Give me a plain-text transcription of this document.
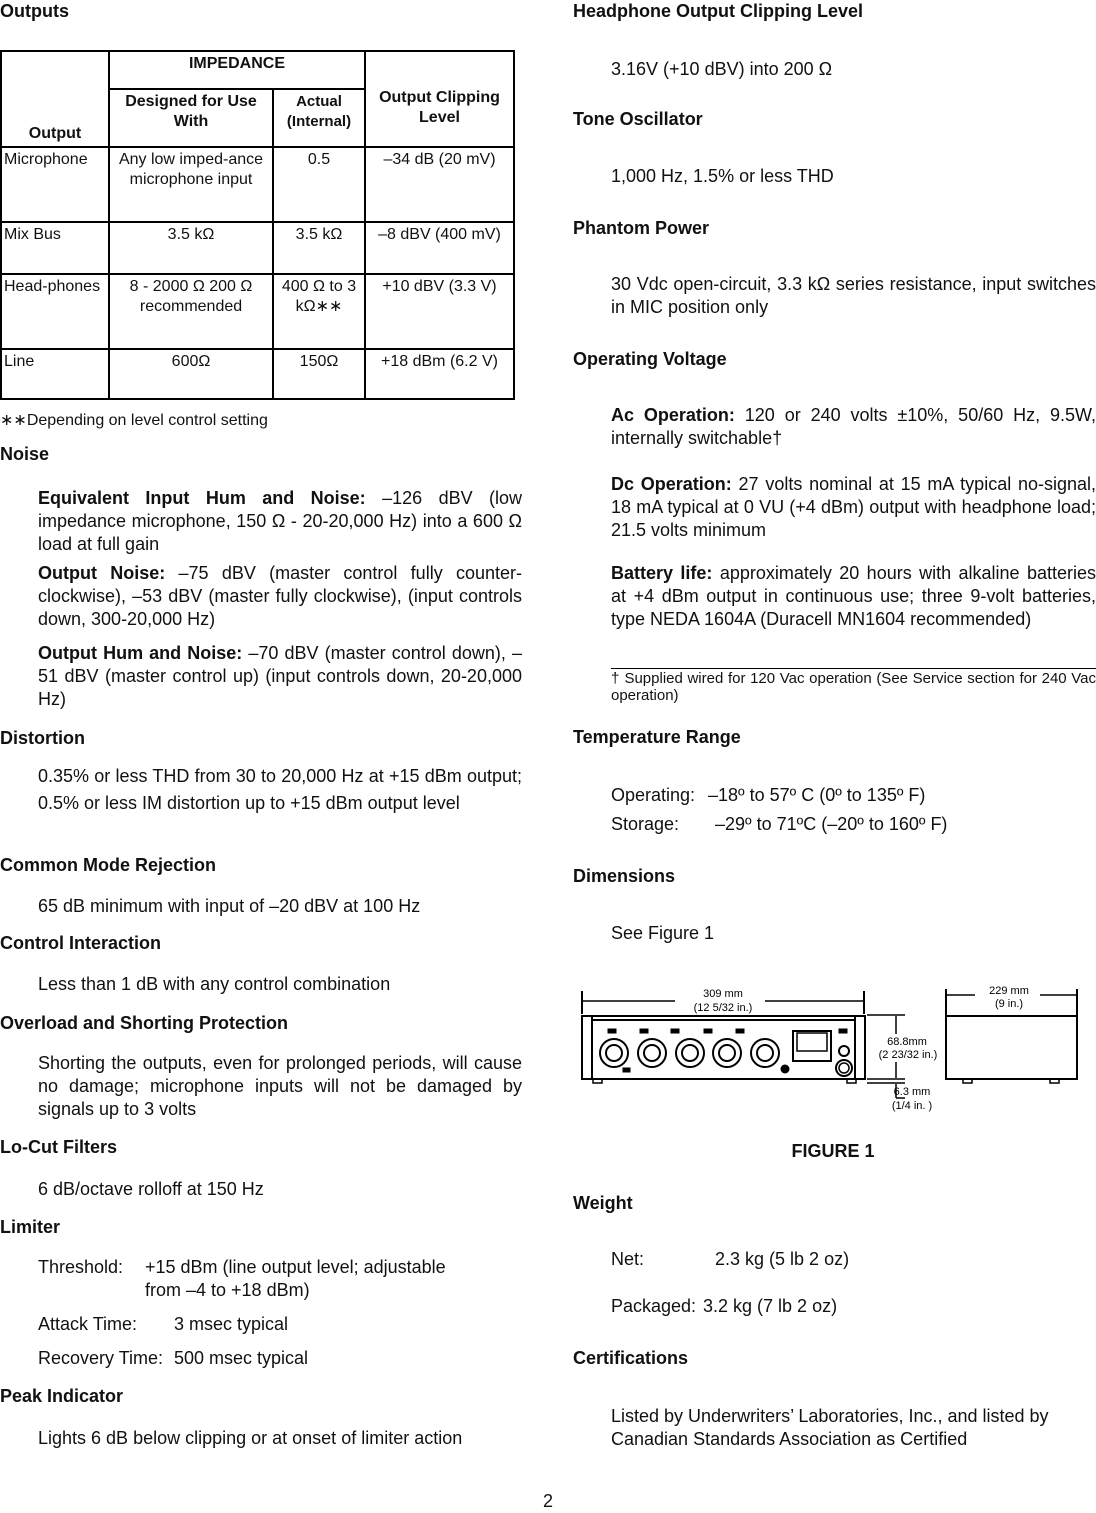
Outputs
Output	IMPEDANCE		Output Clipping Level
	Designed for Use With	Actual (Internal)	
Microphone	Any low imped-ance microphone input	0.5	–34 dB (20 mV)
Mix Bus	3.5 kΩ	3.5 kΩ	–8 dBV (400 mV)
Head-phones	8 - 2000 Ω 200 Ω recommended	400 Ω to 3 kΩ∗∗	+10 dBV (3.3 V)
Line	600Ω	150Ω	+18 dBm (6.2 V)
∗∗Depending on level control setting
Noise
Equivalent Input Hum and Noise: –126 dBV (low impedance microphone, 150 Ω - 20-20,000 Hz) into a 600 Ω load at full gain
Output Noise: –75 dBV (master control fully counter-clockwise), –53 dBV (master fully clockwise), (input controls down, 300-20,000 Hz)
Output Hum and Noise: –70 dBV (master control down), –51 dBV (master control up) (input controls down, 20-20,000 Hz)
Distortion
0.35% or less THD from 30 to 20,000 Hz at +15 dBm output; 0.5% or less IM distortion up to +15 dBm output level
Common Mode Rejection
65 dB minimum with input of –20 dBV at 100 Hz
Control Interaction
Less than 1 dB with any control combination
Overload and Shorting Protection
Shorting the outputs, even for prolonged periods, will cause no damage; microphone inputs will not be damaged by signals up to 3 volts
Lo-Cut Filters
6 dB/octave rolloff at 150 Hz
Limiter
Threshold: +15 dBm (line output level; adjustable
from –4 to +18 dBm)
Attack Time: 3 msec typical
Recovery Time: 500 msec typical
Peak Indicator
Lights 6 dB below clipping or at onset of limiter action
Headphone Output Clipping Level
3.16V (+10 dBV) into 200 Ω
Tone Oscillator
1,000 Hz, 1.5% or less THD
Phantom Power
30 Vdc open-circuit, 3.3 kΩ series resistance, input switches in MIC position only
Operating Voltage
Ac Operation: 120 or 240 volts ±10%, 50/60 Hz, 9.5W, internally switchable†
Dc Operation: 27 volts nominal at 15 mA typical no-signal, 18 mA typical at 0 VU (+4 dBm) output with headphone load; 21.5 volts minimum
Battery life: approximately 20 hours with alkaline batteries at +4 dBm output in continuous use; three 9-volt batteries, type NEDA 1604A (Duracell MN1604 recommended)
† Supplied wired for 120 Vac operation (See Service section for 240 Vac operation)
Temperature Range
Operating: –18º to 57º C (0º to 135º F)
Storage: –29º to 71ºC (–20º to 160º F)
Dimensions
See Figure 1
309 mm
(12 5/32 in.)
68.8mm
(2 23/32 in.)
6.3 mm
(1/4 in. )
229 mm
(9 in.)
FIGURE 1
Weight
Net:	2.3 kg (5 lb 2 oz)
Packaged: 3.2 kg (7 lb 2 oz)
Certifications
Listed by Underwriters’ Laboratories, Inc., and listed by Canadian Standards Association as Certified
2
